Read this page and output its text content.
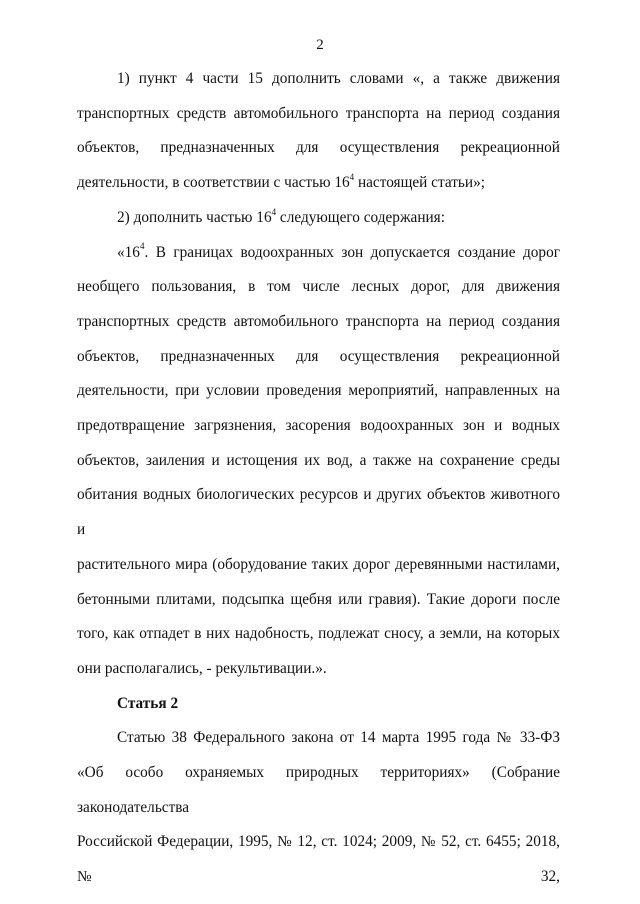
2
1) пункт 4 части 15 дополнить словами «, а также движения
транспортных средств автомобильного транспорта на период создания
объектов, предназначенных для осуществления рекреационной
деятельности, в соответствии с частью $16^4$ настоящей статьи»;
2) дополнить частью $16^4$ следующего содержания:
«$16^4$. В границах водоохранных зон допускается создание дорог
необщего пользования, в том числе лесных дорог, для движения
транспортных средств автомобильного транспорта на период создания
объектов, предназначенных для осуществления рекреационной
деятельности, при условии проведения мероприятий, направленных на
предотвращение загрязнения, засорения водоохранных зон и водных
объектов, заиления и истощения их вод, а также на сохранение среды
обитания водных биологических ресурсов и других объектов животного и
растительного мира (оборудование таких дорог деревянными настилами,
бетонными плитами, подсыпка щебня или гравия). Такие дороги после
того, как отпадет в них надобность, подлежат сносу, а земли, на которых
они располагались, - рекультивации.».
Статья 2
Статью 38 Федерального закона от 14 марта 1995 года № 33-ФЗ
«Об особо охраняемых природных территориях» (Собрание законодательства
Российской Федерации, 1995, № 12, ст. 1024; 2009, № 52, ст. 6455; 2018, № 32,
